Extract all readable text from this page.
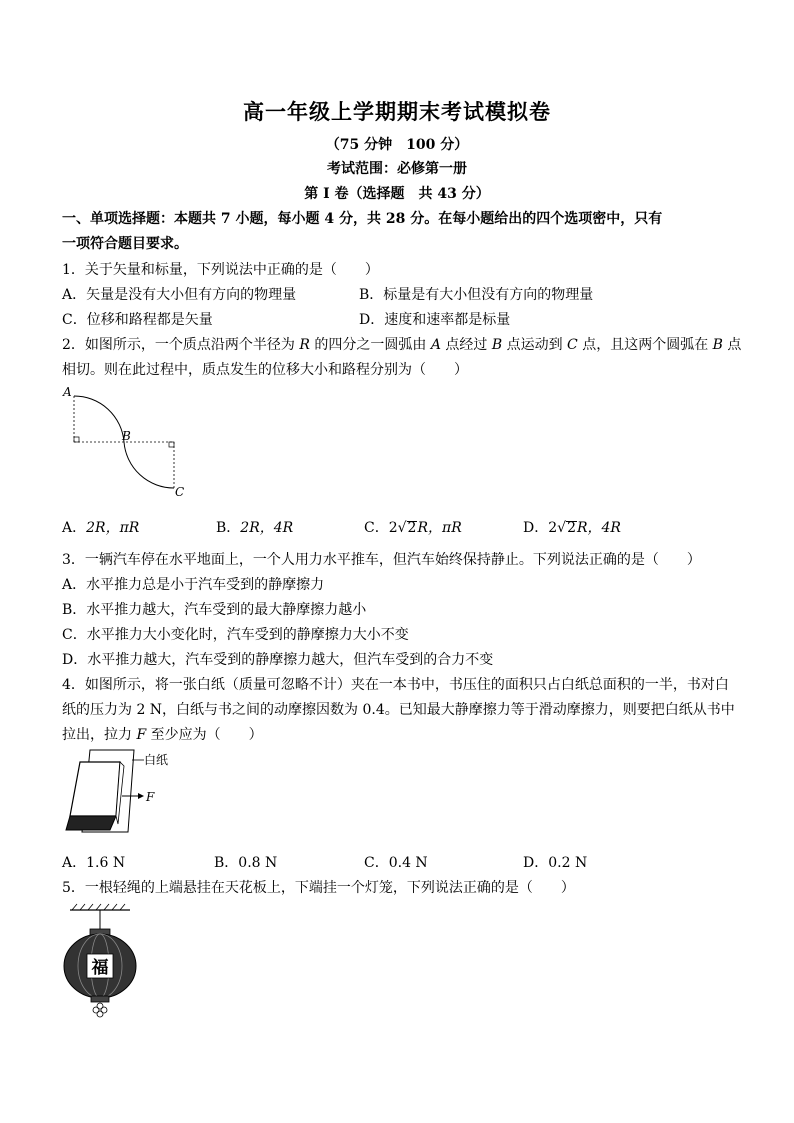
高一年级上学期期末考试模拟卷
（75 分钟　100 分）
考试范围：必修第一册
第 I 卷（选择题　共 43 分）
一、单项选择题：本题共 7 小题，每小题 4 分，共 28 分。在每小题给出的四个选项密中，只有
一项符合题目要求。
1．关于矢量和标量，下列说法中正确的是（　　）
A．矢量是没有大小但有方向的物理量	B．标量是有大小但没有方向的物理量
C．位移和路程都是矢量	D．速度和速率都是标量
2．如图所示，一个质点沿两个半径为 R 的四分之一圆弧由 A 点经过 B 点运动到 C 点，且这两个圆弧在 B 点
相切。则在此过程中，质点发生的位移大小和路程分别为（　　）
A
B
C
A．2R，πR	B．2R，4R	C．2√2R，πR	D．2√2R，4R
3．一辆汽车停在水平地面上，一个人用力水平推车，但汽车始终保持静止。下列说法正确的是（　　）
A．水平推力总是小于汽车受到的静摩擦力
B．水平推力越大，汽车受到的最大静摩擦力越小
C．水平推力大小变化时，汽车受到的静摩擦力大小不变
D．水平推力越大，汽车受到的静摩擦力越大，但汽车受到的合力不变
4．如图所示，将一张白纸（质量可忽略不计）夹在一本书中，书压住的面积只占白纸总面积的一半，书对白
纸的压力为 2 N，白纸与书之间的动摩擦因数为 0.4。已知最大静摩擦力等于滑动摩擦力，则要把白纸从书中
拉出，拉力 F 至少应为（　　）
白纸
F
A．1.6 N	B．0.8 N	C．0.4 N	D．0.2 N
5．一根轻绳的上端悬挂在天花板上，下端挂一个灯笼，下列说法正确的是（　　）
福
